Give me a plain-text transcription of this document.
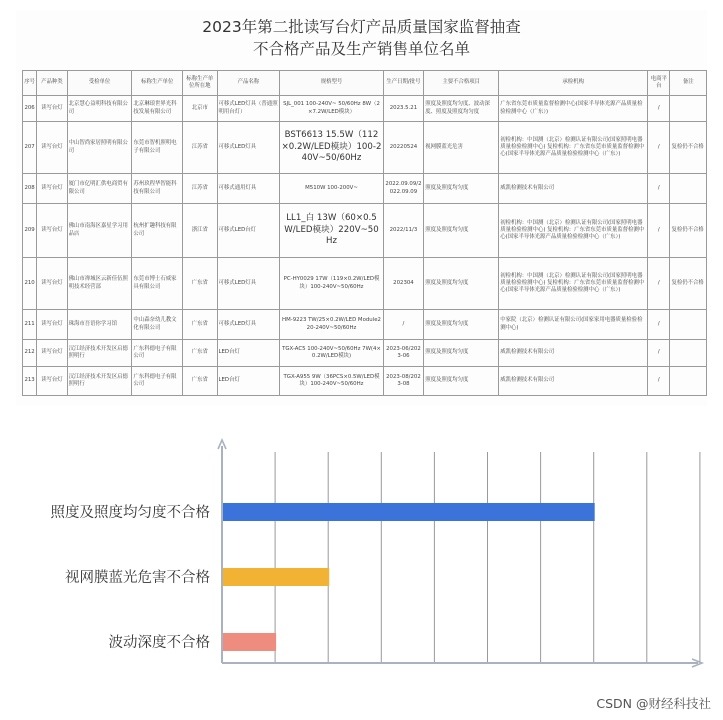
2023年第二批读写台灯产品质量国家监督抽查
不合格产品及生产销售单位名单
序号	产品种类	受检单位	标称生产单位	标称生产单位所在地	产品名称	规格型号	生产日期/批号	主要不合格项目	承检机构	电商平台	备注
206	读写台灯	北京慧心益明科技有限公司	北京琳琅世界光科技发展有限公司	北京市	可移式LED灯具（普通照明用台灯）	SJL_001 100-240V~ 50/60Hz 8W（2×7.2W/LED模块）	2023.5.21	照度及照度均匀度、波动深度、照度及照度均匀度	广东省东莞市质量监督检测中心(国家半导体光源产品质量检验检测中心（广东）)	/	
207	读写台灯	中山智尚家居照明有限公司	东莞市智机照明电子有限公司	江苏省	可移式LED灯具	BST6613 15.5W（112×0.2W/LED模块）100-240V~50/60Hz	20220524	视网膜蓝光危害	初检机构：中国测（北京）检测认证有限公司(国家照明电器质量检验检测中心) 复检机构：广东省东莞市质量监督检测中心(国家半导体光源产品质量检验检测中心（广东）)	/	复检仍不合格
208	读写台灯	厦门市亿明汇供电商贸有限公司	苏州玖程华智能科技有限公司	江苏省	可移式通用灯具	M510W 100-200V~	2022.09.09/2022.09.09	照度及照度均匀度	威凯检测技术有限公司	/	
209	读写台灯	佛山市南海区嘉星学习用品店	杭州扩趣科技有限公司	浙江省	可移式LED台灯	LL1_白 13W（60×0.5W/LED模块）220V~50Hz	2022/11/3	照度及照度均匀度	初检机构：中国测（北京）检测认证有限公司(国家照明电器质量检验检测中心) 复检机构：广东省东莞市质量监督检测中心(国家半导体光源产品质量检验检测中心（广东）)	/	复检仍不合格
210	读写台灯	佛山市禅城区云新佳伍照明技术经营部	东莞市博士石威家具有限公司	广东省	可移式LED灯具	PC-HY0029 17W（119×0.2W/LED模块）100-240V~50/60Hz	202304	照度及照度均匀度	初检机构：中国测（北京）检测认证有限公司(国家照明电器质量检验检测中心) 复检机构：广东省东莞市质量监督检测中心(国家半导体光源产品质量检验检测中心（广东）)	/	复检仍不合格
211	读写台灯	珠海市吾语你学习馆	中山森奈幼儿教文化有限公司	广东省	可移式LED灯具	HM-9223 TW/25×0.2W/LED Module220-240V~50/60Hz	/	照度及照度均匀度	中家院（北京）检测认证有限公司(国家家用电器质量检验检测中心)	/	
212	读写台灯	汉江经济技术开发区启德照明行	广东科德电子有限公司	广东省	LED台灯	TGX-AC5 100-240V~50/60Hz 7W(4×0.2W/LED模块)	2023-06/2023-06	照度及照度均匀度	威凯检测技术有限公司	/	
213	读写台灯	汉江经济技术开发区启德照明行	广东科德电子有限公司	广东省	LED台灯	TGX-A955 9W（36PCS×0.5W/LED模块）100-240V~50/60Hz	2023-08/2023-08	照度及照度均匀度	威凯检测技术有限公司	/	
照度及照度均匀度不合格
视网膜蓝光危害不合格
波动深度不合格
CSDN @财经科技社
